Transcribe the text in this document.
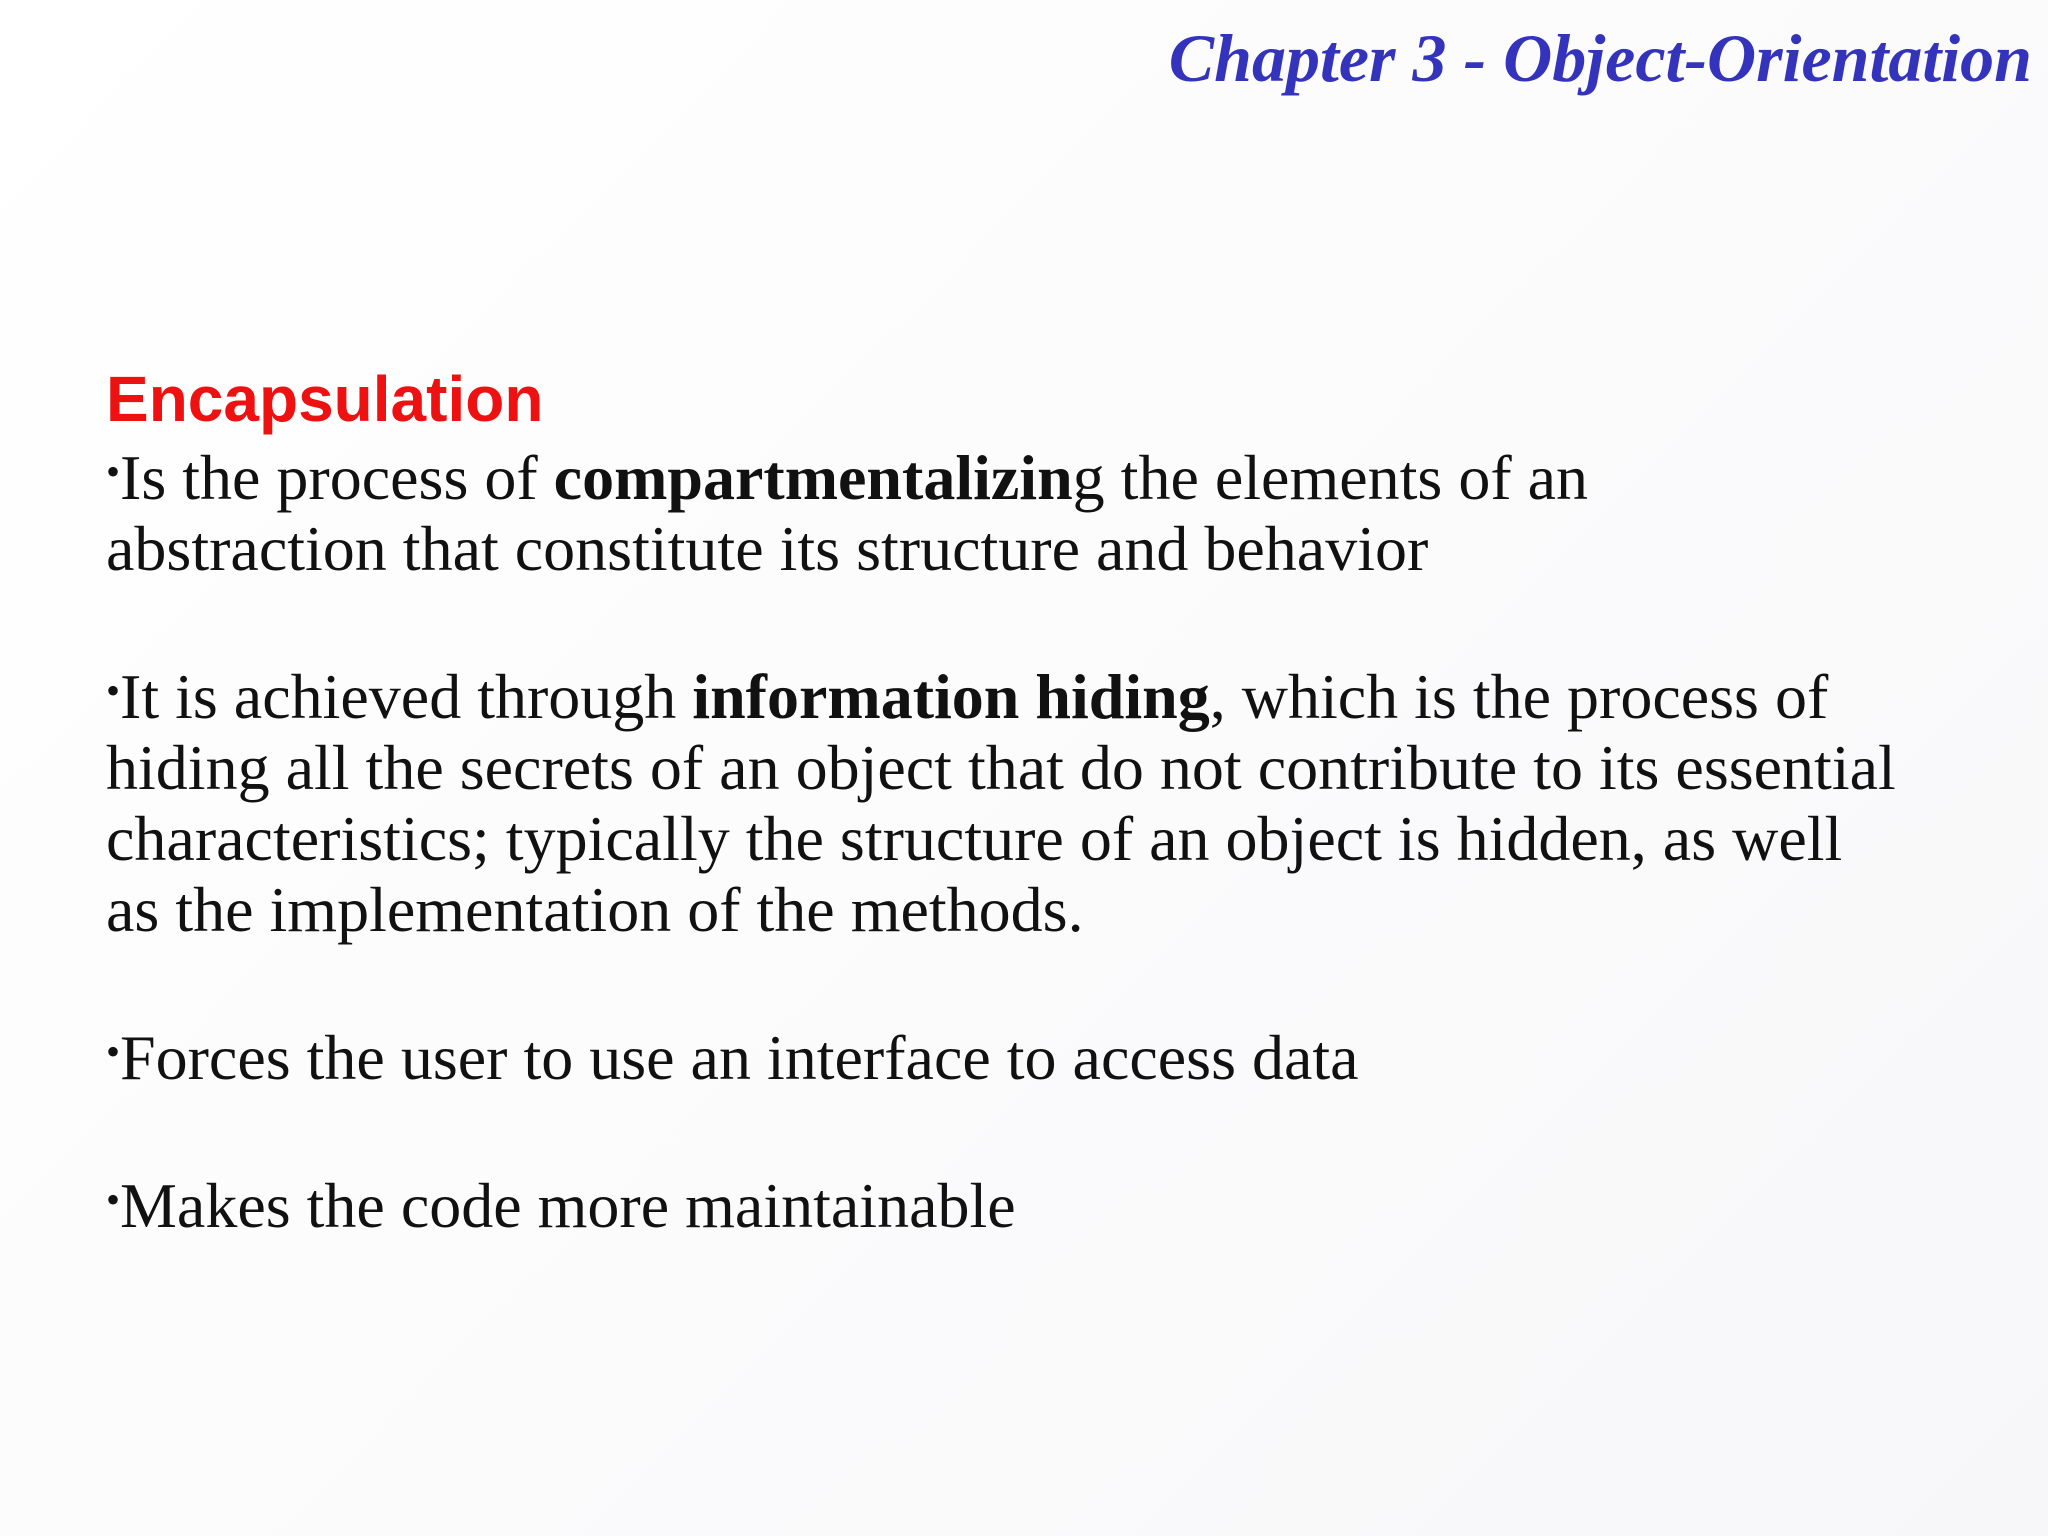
Chapter 3 - Object-Orientation
Encapsulation

•Is the process of compartmentalizing the elements of an abstraction that constitute its structure and behavior

•It is achieved through information hiding, which is the process of hiding all the secrets of an object that do not contribute to its essential characteristics; typically the structure of an object is hidden, as well as the implementation of the methods.

•Forces the user to use an interface to access data

•Makes the code more maintainable
